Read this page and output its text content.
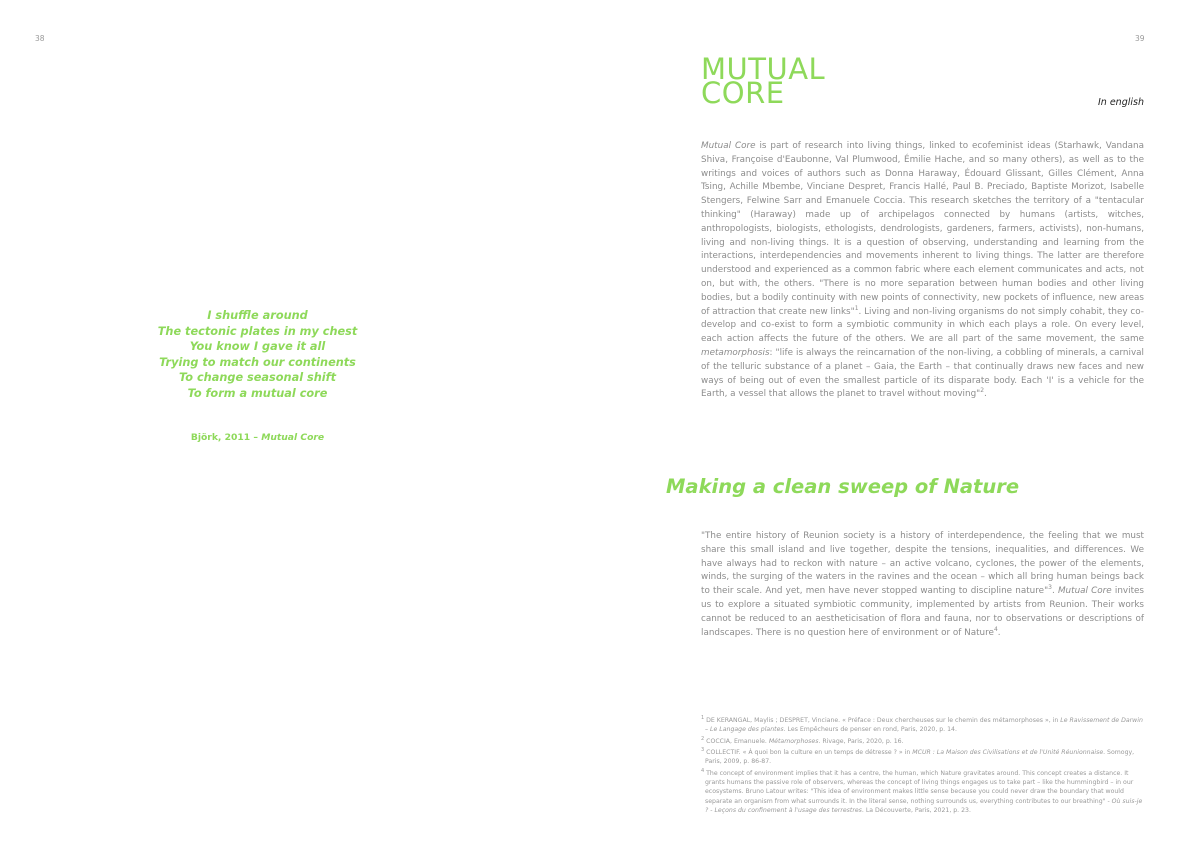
38	39
I shuffle around
The tectonic plates in my chest
You know I gave it all
Trying to match our continents
To change seasonal shift
To form a mutual core
Björk, 2011 – Mutual Core
MUTUAL
CORE	In english
Mutual Core is part of research into living things, linked to ecofeminist ideas (Starhawk, Vandana Shiva, Françoise d'Eaubonne, Val Plumwood, Émilie Hache, and so many others), as well as to the writings and voices of authors such as Donna Haraway, Édouard Glissant, Gilles Clément, Anna Tsing, Achille Mbembe, Vinciane Despret, Francis Hallé, Paul B. Preciado, Baptiste Morizot, Isabelle Stengers, Felwine Sarr and Emanuele Coccia. This research sketches the territory of a "tentacular thinking" (Haraway) made up of archipelagos connected by humans (artists, witches, anthropologists, biologists, ethologists, dendrologists, gardeners, farmers, activists), non-humans, living and non-living things. It is a question of observing, understanding and learning from the interactions, interdependencies and movements inherent to living things. The latter are therefore understood and experienced as a common fabric where each element communicates and acts, not on, but with, the others. "There is no more separation between human bodies and other living bodies, but a bodily continuity with new points of connectivity, new pockets of influence, new areas of attraction that create new links"$^1$. Living and non-living organisms do not simply cohabit, they co-develop and co-exist to form a symbiotic community in which each plays a role. On every level, each action affects the future of the others. We are all part of the same movement, the same metamorphosis: "life is always the reincarnation of the non-living, a cobbling of minerals, a carnival of the telluric substance of a planet – Gaia, the Earth – that continually draws new faces and new ways of being out of even the smallest particle of its disparate body. Each 'I' is a vehicle for the Earth, a vessel that allows the planet to travel without moving"$^2$.
Making a clean sweep of Nature
"The entire history of Reunion society is a history of interdependence, the feeling that we must share this small island and live together, despite the tensions, inequalities, and differences. We have always had to reckon with nature – an active volcano, cyclones, the power of the elements, winds, the surging of the waters in the ravines and the ocean – which all bring human beings back to their scale. And yet, men have never stopped wanting to discipline nature"$^3$. Mutual Core invites us to explore a situated symbiotic community, implemented by artists from Reunion. Their works cannot be reduced to an aestheticisation of flora and fauna, nor to observations or descriptions of landscapes. There is no question here of environment or of Nature$^4$.
$^1$ DE KERANGAL, Maylis ; DESPRET, Vinciane. « Préface : Deux chercheuses sur le chemin des métamorphoses », in Le Ravissement de Darwin – Le Langage des plantes. Les Empêcheurs de penser en rond, Paris, 2020, p. 14.
$^2$ COCCIA, Emanuele. Métamorphoses. Rivage, Paris, 2020, p. 16.
$^3$ COLLECTIF. « À quoi bon la culture en un temps de détresse ? » in MCUR : La Maison des Civilisations et de l'Unité Réunionnaise. Somogy, Paris, 2009, p. 86-87.
$^4$ The concept of environment implies that it has a centre, the human, which Nature gravitates around. This concept creates a distance. It grants humans the passive role of observers, whereas the concept of living things engages us to take part – like the hummingbird – in our ecosystems. Bruno Latour writes: "This idea of environment makes little sense because you could never draw the boundary that would separate an organism from what surrounds it. In the literal sense, nothing surrounds us, everything contributes to our breathing" - Où suis-je ? - Leçons du confinement à l'usage des terrestres. La Découverte, Paris, 2021, p. 23.
